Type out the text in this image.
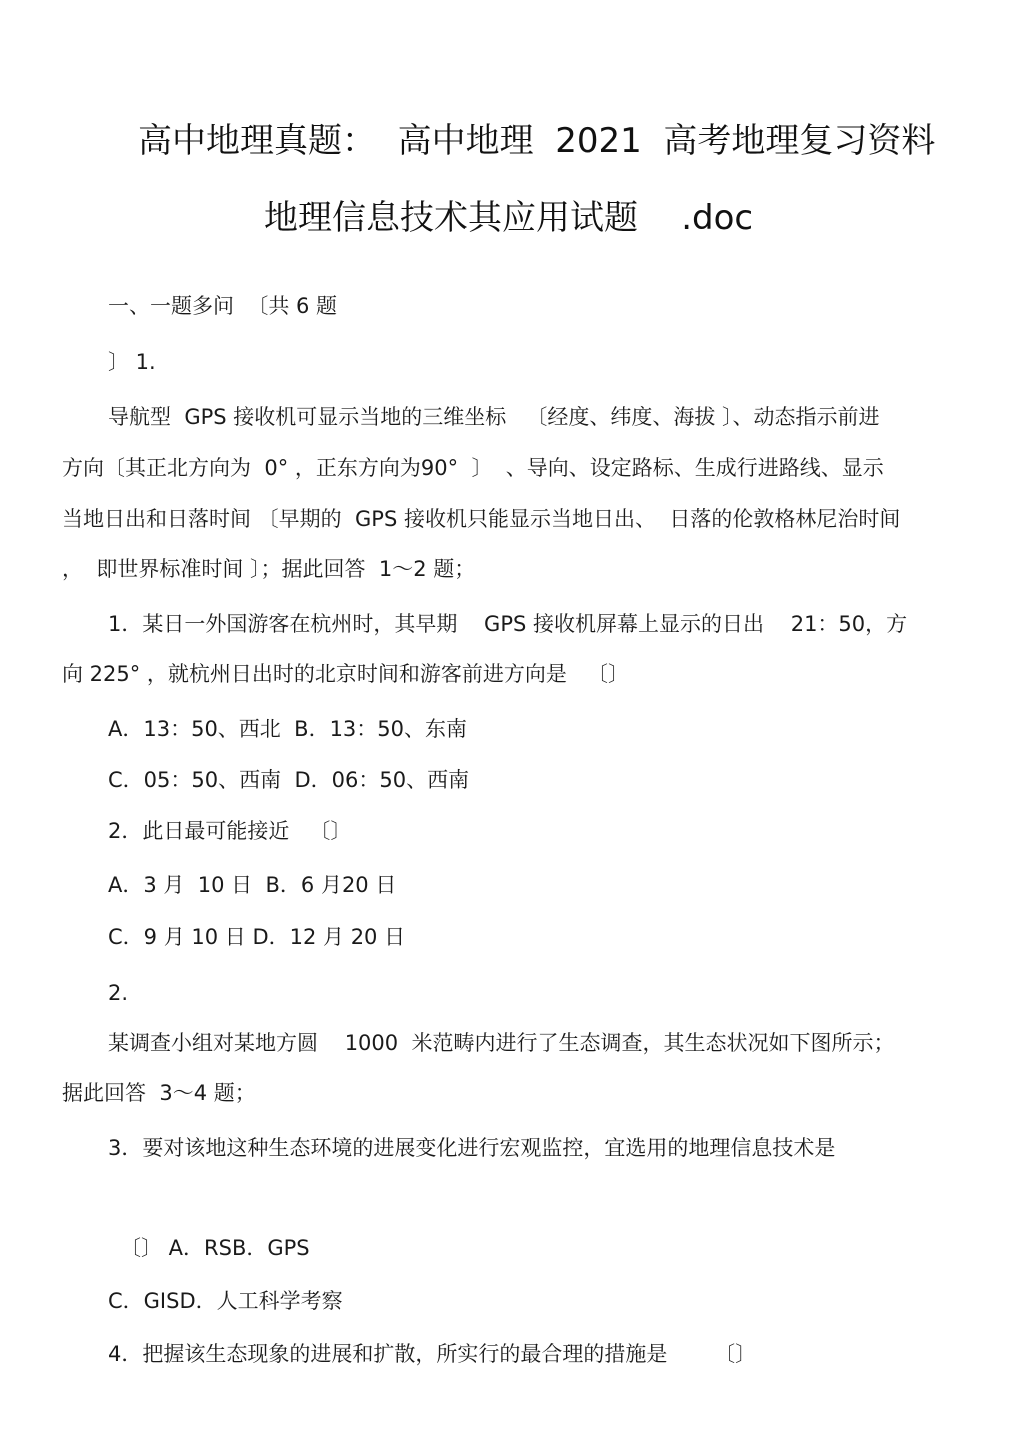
高中地理真题：  高中地理  2021  高考地理复习资料
地理信息技术其应用试题    .doc
一、一题多问  〔共 6 题
〕 1.
导航型  GPS 接收机可显示当地的三维坐标   〔经度、纬度、海拔 〕、动态指示前进
方向〔其正北方向为  0° ，正东方向为90°  〕  、导向、设定路标、生成行进路线、显示
当地日出和日落时间 〔早期的  GPS 接收机只能显示当地日出、  日落的伦敦格林尼治时间
，  即世界标准时间 〕；据此回答  1～2 题；
1．某日一外国游客在杭州时，其早期    GPS 接收机屏幕上显示的日出    21：50，方
向 225° ，就杭州日出时的北京时间和游客前进方向是   〔〕
A．13：50、西北  B．13：50、东南
C．05：50、西南  D．06：50、西南
2．此日最可能接近   〔〕
A．3 月  10 日  B．6 月20 日
C．9 月 10 日 D．12 月 20 日
2.
某调查小组对某地方圆    1000  米范畴内进行了生态调查，其生态状况如下图所示；
据此回答  3～4 题；
3．要对该地这种生态环境的进展变化进行宏观监控，宜选用的地理信息技术是
〔〕 A．RSB．GPS
C．GISD．人工科学考察
4．把握该生态现象的进展和扩散，所实行的最合理的措施是       〔〕
